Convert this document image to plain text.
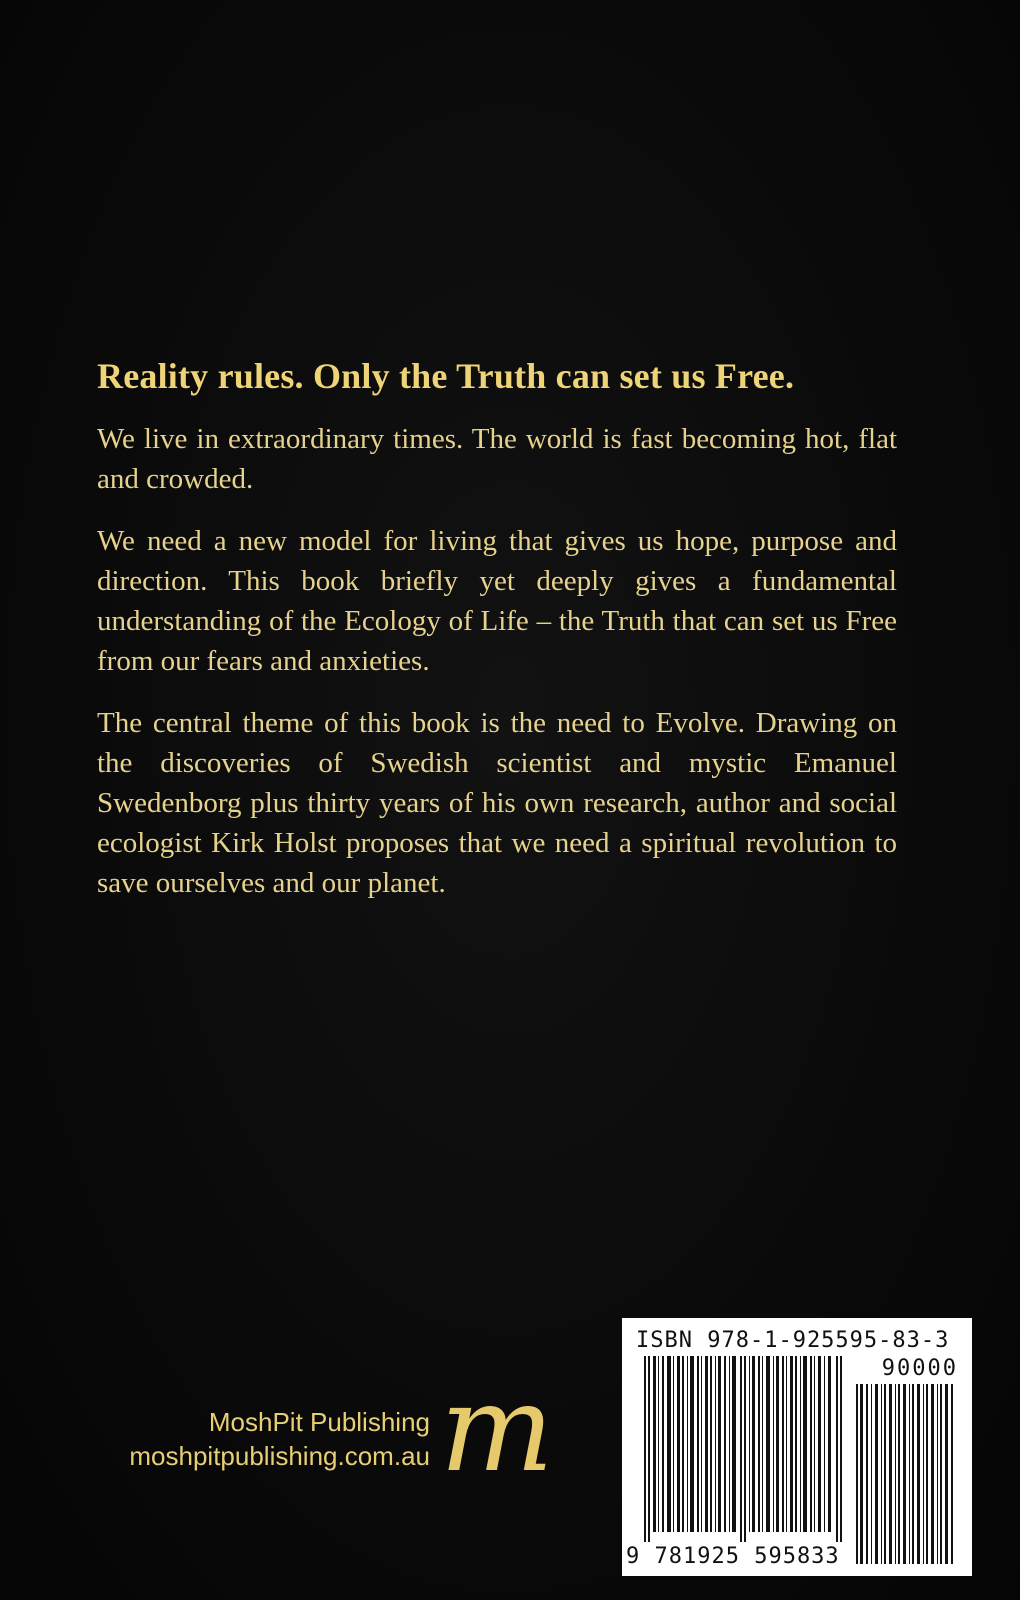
Reality rules. Only the Truth can set us Free.

We live in extraordinary times. The world is fast becoming hot, flat and crowded.

We need a new model for living that gives us hope, purpose and direction. This book briefly yet deeply gives a fundamental understanding of the Ecology of Life – the Truth that can set us Free from our fears and anxieties.

The central theme of this book is the need to Evolve. Drawing on the discoveries of Swedish scientist and mystic Emanuel Swedenborg plus thirty years of his own research, author and social ecologist Kirk Holst proposes that we need a spiritual revolution to save ourselves and our planet.

MoshPit Publishing
moshpitpublishing.com.au m
ISBN 978-1-925595-83-3
90000
9 781925 595833
